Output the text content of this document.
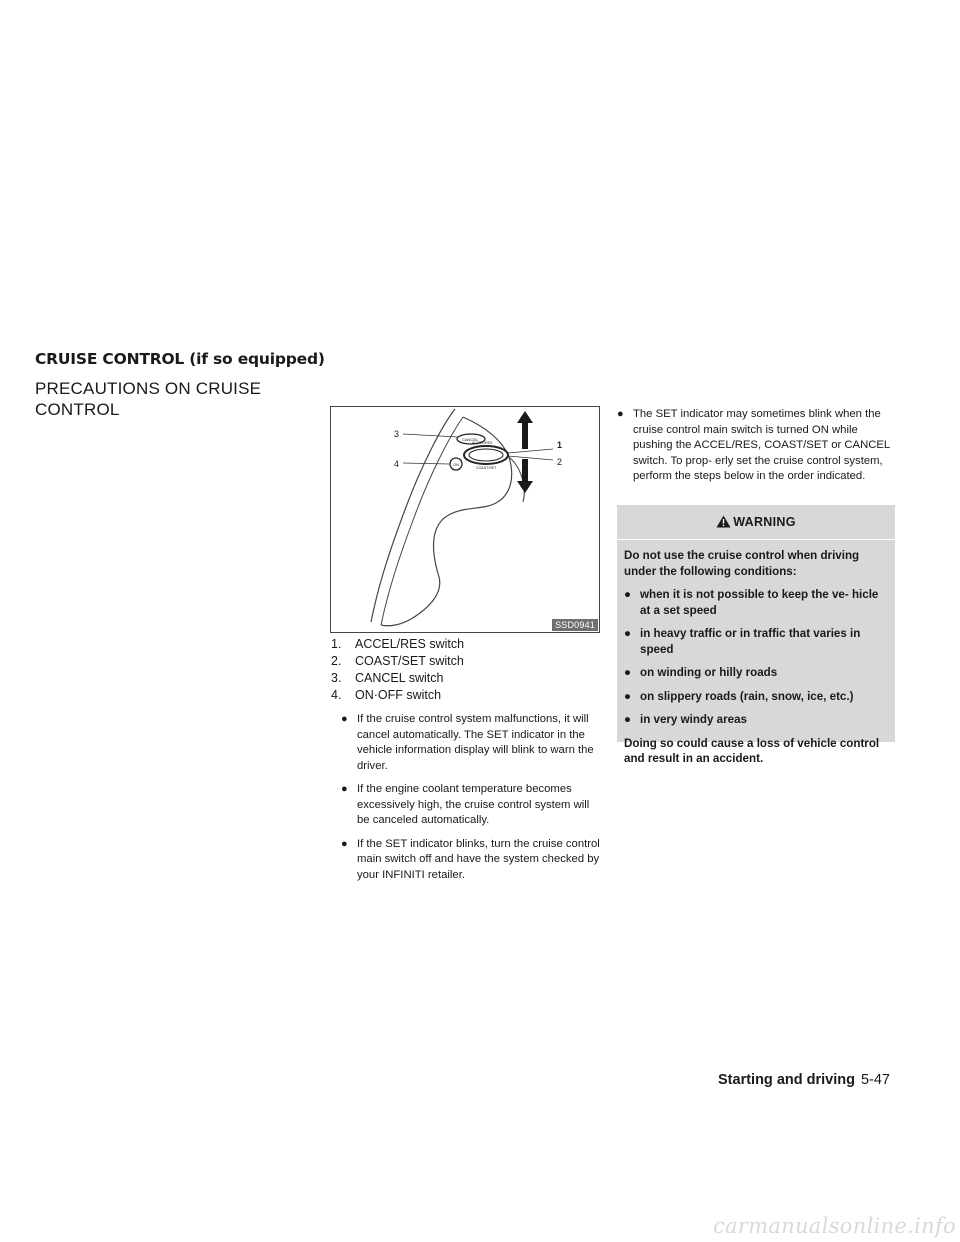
CRUISE CONTROL (if so equipped)
PRECAUTIONS ON CRUISE CONTROL
CANCEL
ACCEL/RES
ON
COAST/SET
3
4
1
2
SSD0941
1. ACCEL/RES switch
2. COAST/SET switch
3. CANCEL switch
4. ON·OFF switch
● If the cruise control system malfunctions, it will cancel automatically. The SET indicator in the vehicle information display will blink to warn the driver.
● If the engine coolant temperature becomes excessively high, the cruise control system will be canceled automatically.
● If the SET indicator blinks, turn the cruise control main switch off and have the system checked by your INFINITI retailer.
● The SET indicator may sometimes blink when the cruise control main switch is turned ON while pushing the ACCEL/RES, COAST/SET or CANCEL switch. To prop- erly set the cruise control system, perform the steps below in the order indicated.
WARNING

Do not use the cruise control when driving under the following conditions:

● when it is not possible to keep the ve- hicle at a set speed
● in heavy traffic or in traffic that varies in speed
● on winding or hilly roads
● on slippery roads (rain, snow, ice, etc.)
● in very windy areas

Doing so could cause a loss of vehicle control and result in an accident.

Starting and driving 5-47
carmanualsonline.info
